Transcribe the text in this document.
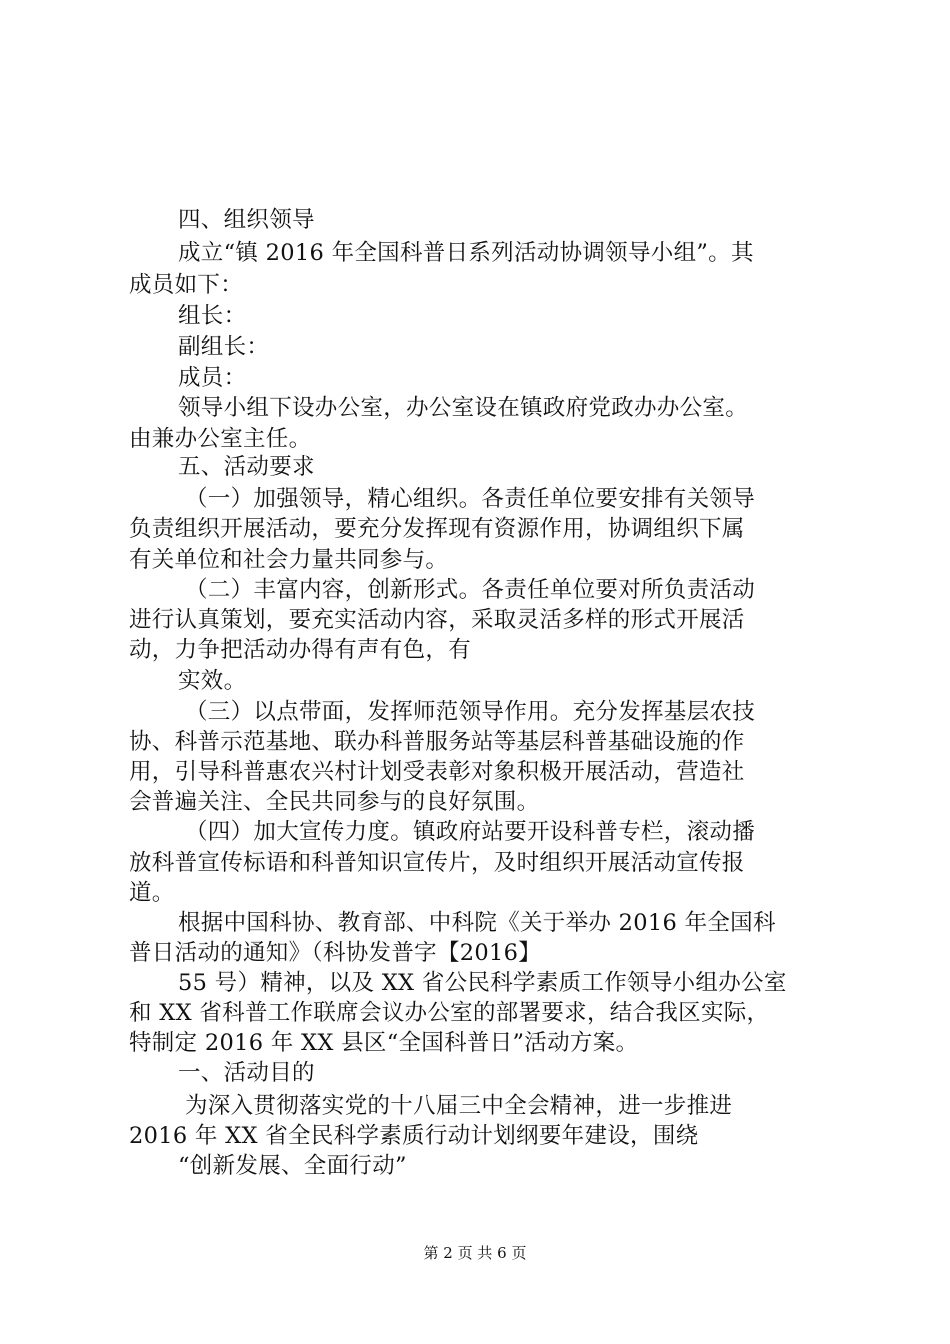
四、组织领导
成立“镇 2016 年全国科普日系列活动协调领导小组”。其
成员如下：
组长：
副组长：
成员：
领导小组下设办公室，办公室设在镇政府党政办办公室。
由兼办公室主任。
五、活动要求
（一）加强领导，精心组织。各责任单位要安排有关领导
负责组织开展活动，要充分发挥现有资源作用，协调组织下属
有关单位和社会力量共同参与。
（二）丰富内容，创新形式。各责任单位要对所负责活动
进行认真策划，要充实活动内容，采取灵活多样的形式开展活
动，力争把活动办得有声有色，有
实效。
（三）以点带面，发挥师范领导作用。充分发挥基层农技
协、科普示范基地、联办科普服务站等基层科普基础设施的作
用，引导科普惠农兴村计划受表彰对象积极开展活动，营造社
会普遍关注、全民共同参与的良好氛围。
（四）加大宣传力度。镇政府站要开设科普专栏，滚动播
放科普宣传标语和科普知识宣传片，及时组织开展活动宣传报
道。
根据中国科协、教育部、中科院《关于举办 2016 年全国科
普日活动的通知》（科协发普字【2016】
55 号）精神，以及 XX 省公民科学素质工作领导小组办公室
和 XX 省科普工作联席会议办公室的部署要求，结合我区实际，
特制定 2016 年 XX 县区“全国科普日”活动方案。
一、活动目的
为深入贯彻落实党的十八届三中全会精神，进一步推进
2016 年 XX 省全民科学素质行动计划纲要年建设，围绕
“创新发展、全面行动”
第 2 页 共 6 页
